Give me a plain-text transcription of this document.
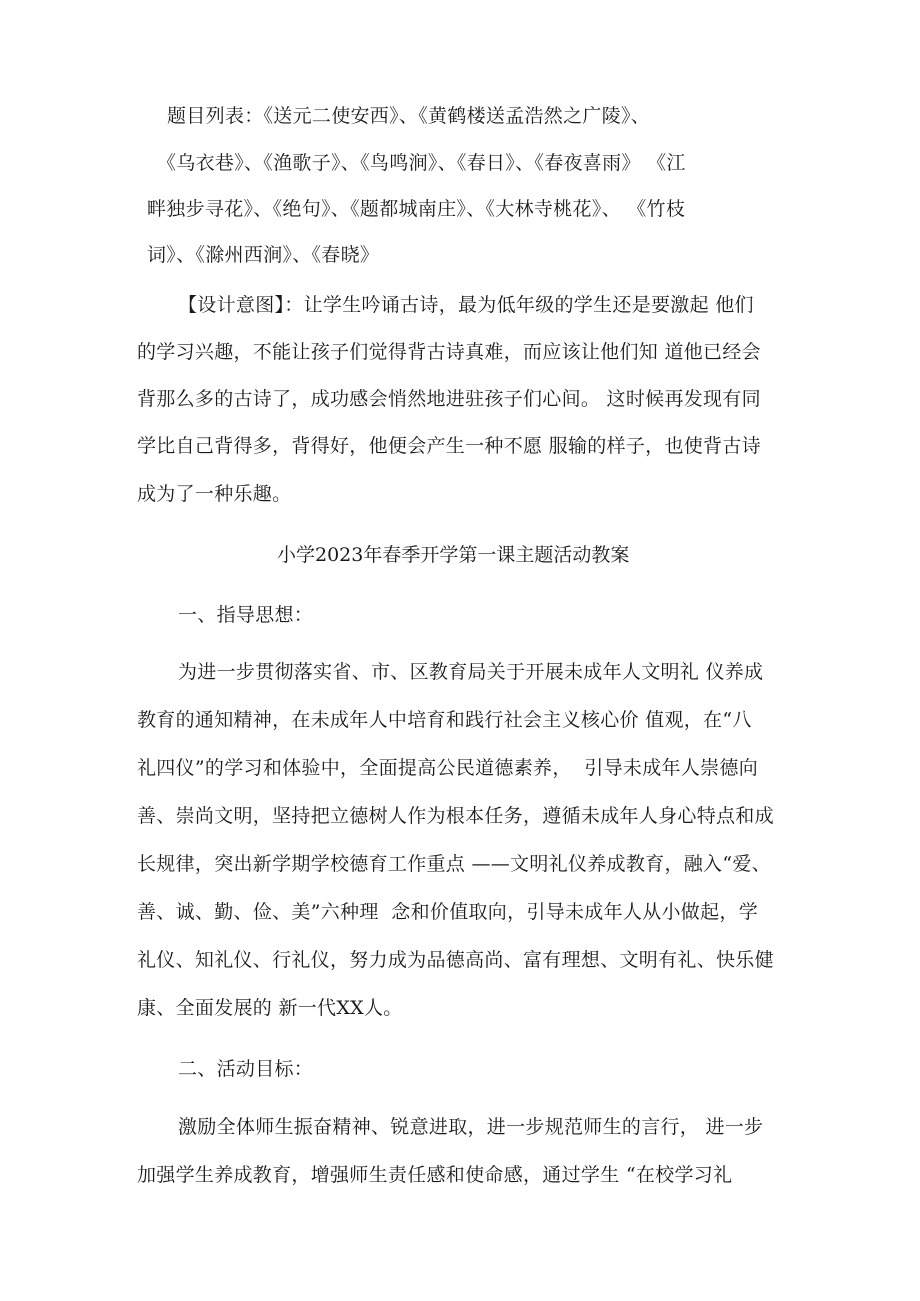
题目列表：《送元二使安西》、《黄鹤楼送孟浩然之广陵》、
《乌衣巷》、《渔歌子》、《鸟鸣涧》、《春日》、《春夜喜雨》 《江
畔独步寻花》、《绝句》、《题都城南庄》、《大林寺桃花》、 《竹枝
词》、《滁州西涧》、《春晓》
【设计意图】：让学生吟诵古诗，最为低年级的学生还是要激起 他们
的学习兴趣，不能让孩子们觉得背古诗真难，而应该让他们知 道他已经会
背那么多的古诗了，成功感会悄然地进驻孩子们心间。 这时候再发现有同
学比自己背得多，背得好，他便会产生一种不愿 服输的样子，也使背古诗
成为了一种乐趣。
小学2023年春季开学第一课主题活动教案
一、指导思想：
为进一步贯彻落实省、市、区教育局关于开展未成年人文明礼 仪养成
教育的通知精神，在未成年人中培育和践行社会主义核心价 值观，在“八
礼四仪”的学习和体验中，全面提高公民道德素养，  引导未成年人崇德向
善、崇尚文明，坚持把立德树人作为根本任务，遵循未成年人身心特点和成
长规律，突出新学期学校德育工作重点 ——文明礼仪养成教育，融入“爱、
善、诚、勤、俭、美”六种理  念和价值取向，引导未成年人从小做起，学
礼仪、知礼仪、行礼仪，努力成为品德高尚、富有理想、文明有礼、快乐健
康、全面发展的 新一代XX人。
二、活动目标：
激励全体师生振奋精神、锐意进取，进一步规范师生的言行， 进一步
加强学生养成教育，增强师生责任感和使命感，通过学生 “在校学习礼
